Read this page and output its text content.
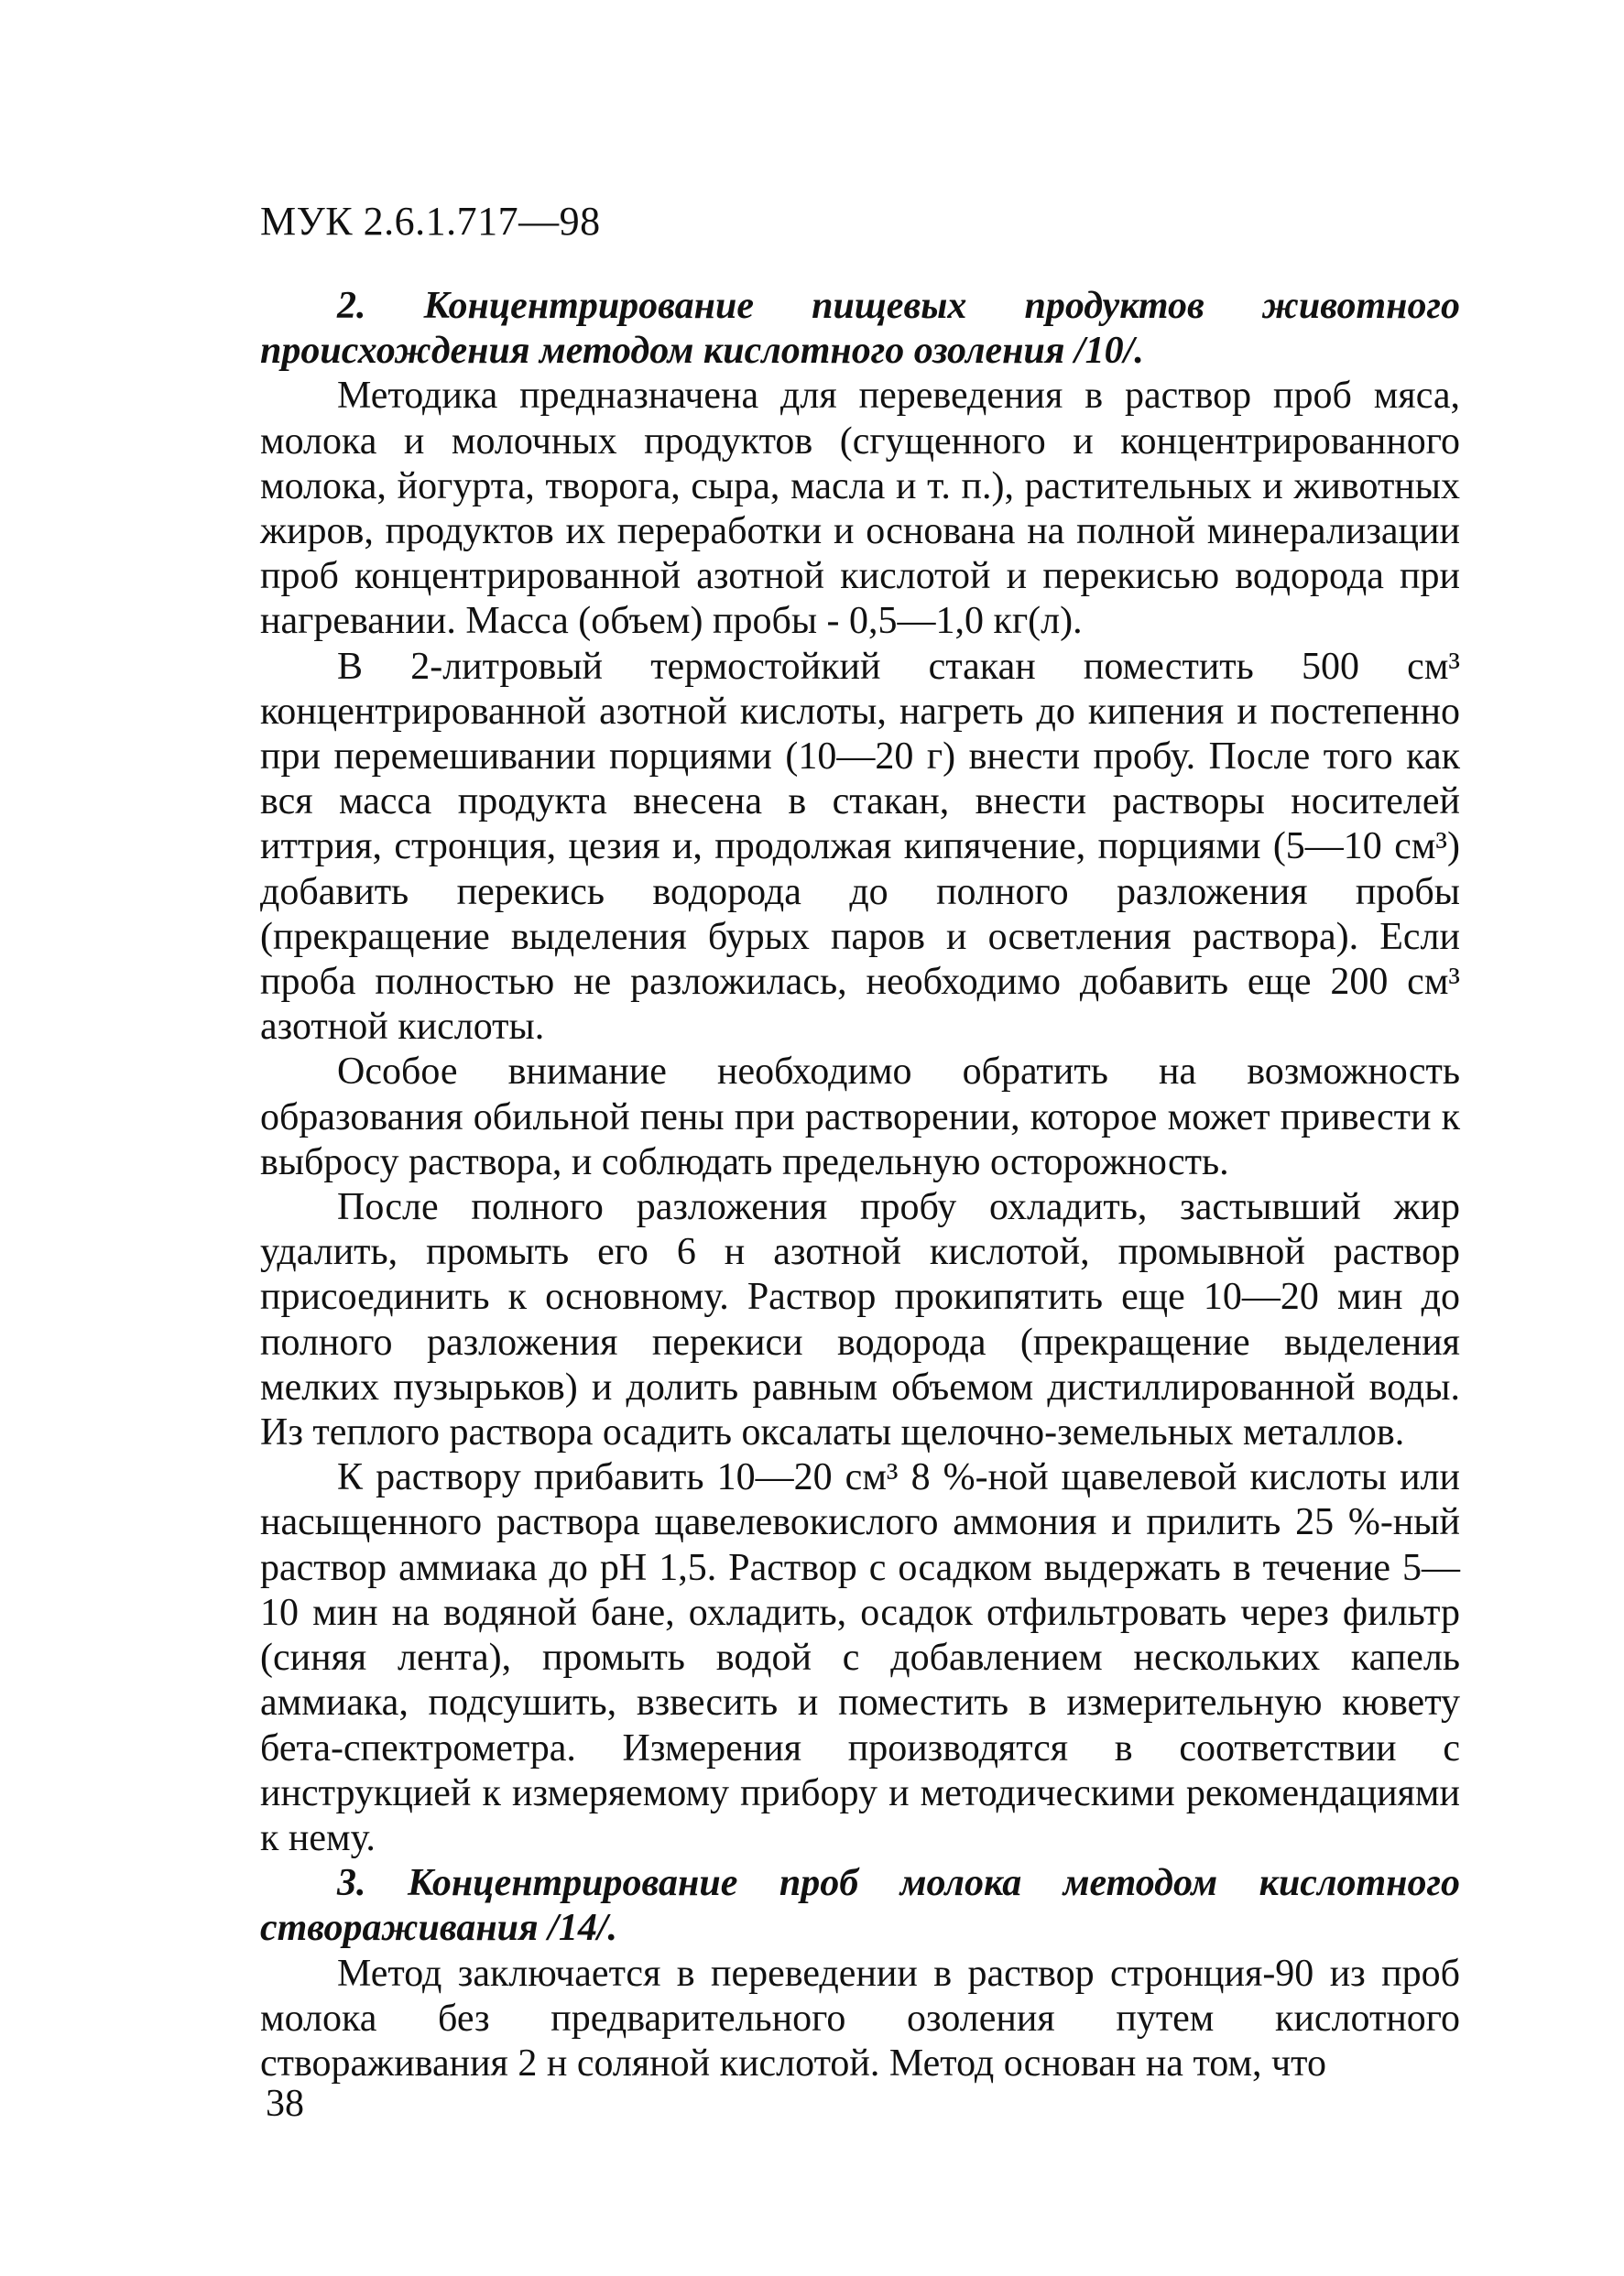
МУК 2.6.1.717—98

2. Концентрирование пищевых продуктов животного происхождения методом кислотного озоления /10/.

Методика предназначена для переведения в раствор проб мяса, молока и молочных продуктов (сгущенного и концентрированного молока, йогурта, творога, сыра, масла и т. п.), растительных и животных жиров, продуктов их переработки и основана на полной минерализации проб концентрированной азотной кислотой и перекисью водорода при нагревании. Масса (объем) пробы - 0,5—1,0 кг(л).

В 2-литровый термостойкий стакан поместить 500 см³ концентрированной азотной кислоты, нагреть до кипения и постепенно при перемешивании порциями (10—20 г) внести пробу. После того как вся масса продукта внесена в стакан, внести растворы носителей иттрия, стронция, цезия и, продолжая кипячение, порциями (5—10 см³) добавить перекись водорода до полного разложения пробы (прекращение выделения бурых паров и осветления раствора). Если проба полностью не разложилась, необходимо добавить еще 200 см³ азотной кислоты.

Особое внимание необходимо обратить на возможность образования обильной пены при растворении, которое может привести к выбросу раствора, и соблюдать предельную осторожность.

После полного разложения пробу охладить, застывший жир удалить, промыть его 6 н азотной кислотой, промывной раствор присоединить к основному. Раствор прокипятить еще 10—20 мин до полного разложения перекиси водорода (прекращение выделения мелких пузырьков) и долить равным объемом дистиллированной воды. Из теплого раствора осадить оксалаты щелочно-земельных металлов.

К раствору прибавить 10—20 см³ 8 %-ной щавелевой кислоты или насыщенного раствора щавелевокислого аммония и прилить 25 %-ный раствор аммиака до pH 1,5. Раствор с осадком выдержать в течение 5—10 мин на водяной бане, охладить, осадок отфильтровать через фильтр (синяя лента), промыть водой с добавлением нескольких капель аммиака, подсушить, взвесить и поместить в измерительную кювету бета-спектрометра. Измерения производятся в соответствии с инструкцией к измеряемому прибору и методическими рекомендациями к нему.

3. Концентрирование проб молока методом кислотного створаживания /14/.

Метод заключается в переведении в раствор стронция-90 из проб молока без предварительного озоления путем кислотного створаживания 2 н соляной кислотой. Метод основан на том, что

38
